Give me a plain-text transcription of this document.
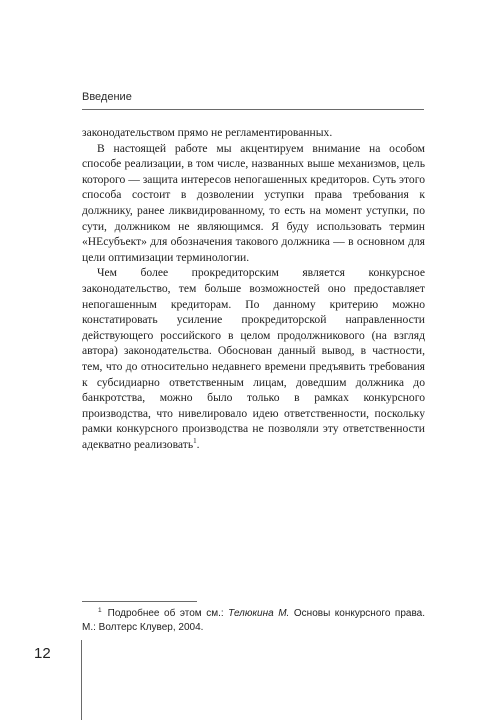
Введение

законодательством прямо не регламентированных.

В настоящей работе мы акцентируем внимание на особом способе реализации, в том числе, названных выше механизмов, цель которого — защита интересов непогашенных кредиторов. Суть этого способа состоит в дозволении уступки права требования к должнику, ранее ликвидированному, то есть на момент уступки, по сути, должником не являющимся. Я буду использовать термин «НЕсубъект» для обозначения такового должника — в основном для цели оптимизации терминологии.

Чем более прокредиторским является конкурсное законодательство, тем больше возможностей оно предоставляет непогашенным кредиторам. По данному критерию можно констатировать усиление прокредиторской направленности действующего российского в целом продолжникового (на взгляд автора) законодательства. Обоснован данный вывод, в частности, тем, что до относительно недавнего времени предъявить требования к субсидиарно ответственным лицам, доведшим должника до банкротства, можно было только в рамках конкурсного производства, что нивелировало идею ответственности, поскольку рамки конкурсного производства не позволяли эту ответственности адекватно реализовать$^1$.

$^1$ Подробнее об этом см.: Телюкина М. Основы конкурсного права. М.: Волтерс Клувер, 2004.
12
